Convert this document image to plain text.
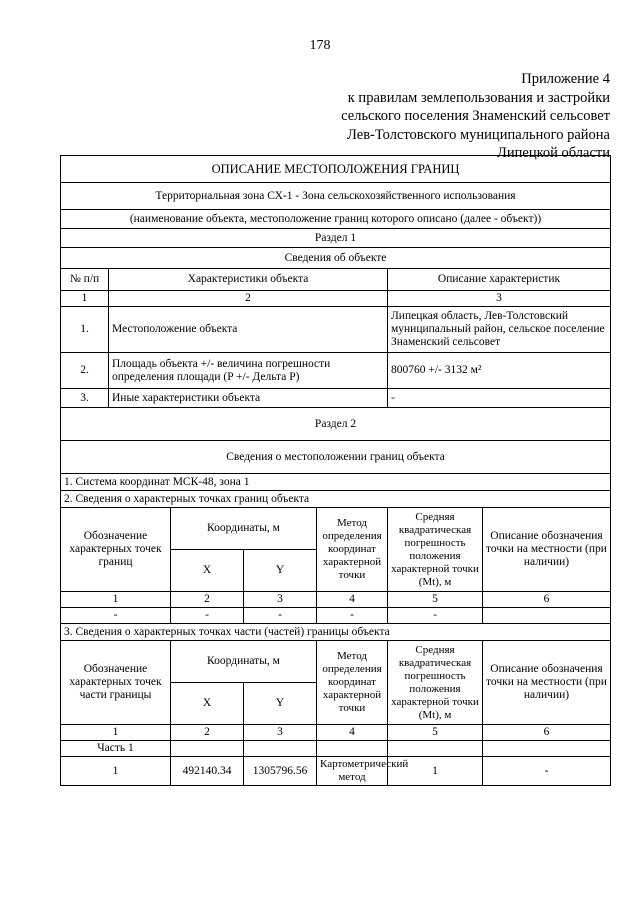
178
Приложение 4
к правилам землепользования и застройки
сельского поселения Знаменский сельсовет
Лев-Толстовского муниципального района
Липецкой области
ОПИСАНИЕ МЕСТОПОЛОЖЕНИЯ ГРАНИЦ						
Территориальная зона СХ-1 - Зона сельскохозяйственного использования						
(наименование объекта, местоположение границ которого описано (далее - объект))						
Раздел 1						
Сведения об объекте						
№ п/п	Характеристики объекта				Описание характеристик	
1	2				3	
1.	Местоположение объекта				Липецкая область, Лев-Толстовский муниципальный район, сельское поселение Знаменский сельсовет	
2.	Площадь объекта +/- величина погрешности определения площади (P +/- Дельта P)				800760 +/- 3132 м²	
3.	Иные характеристики объекта				-	
Раздел 2						
Сведения о местоположении границ объекта						
1. Система координат МСК-48, зона 1						
2. Сведения о характерных точках границ объекта						
Обозначение характерных точек границ		Координаты, м		Метод определения координат характерной точки	Средняя квадратическая погрешность положения характерной точки (Mt), м	Описание обозначения точки на местности (при наличии)
		X	Y			
1		2	3	4	5	6
-		-	-	-	-	
3. Сведения о характерных точках части (частей) границы объекта						
Обозначение характерных точек части границы		Координаты, м		Метод определения координат характерной точки	Средняя квадратическая погрешность положения характерной точки (Mt), м	Описание обозначения точки на местности (при наличии)
		X	Y			
1		2	3	4	5	6
Часть 1						
1		492140.34	1305796.56	Картометрический метод	1	-
